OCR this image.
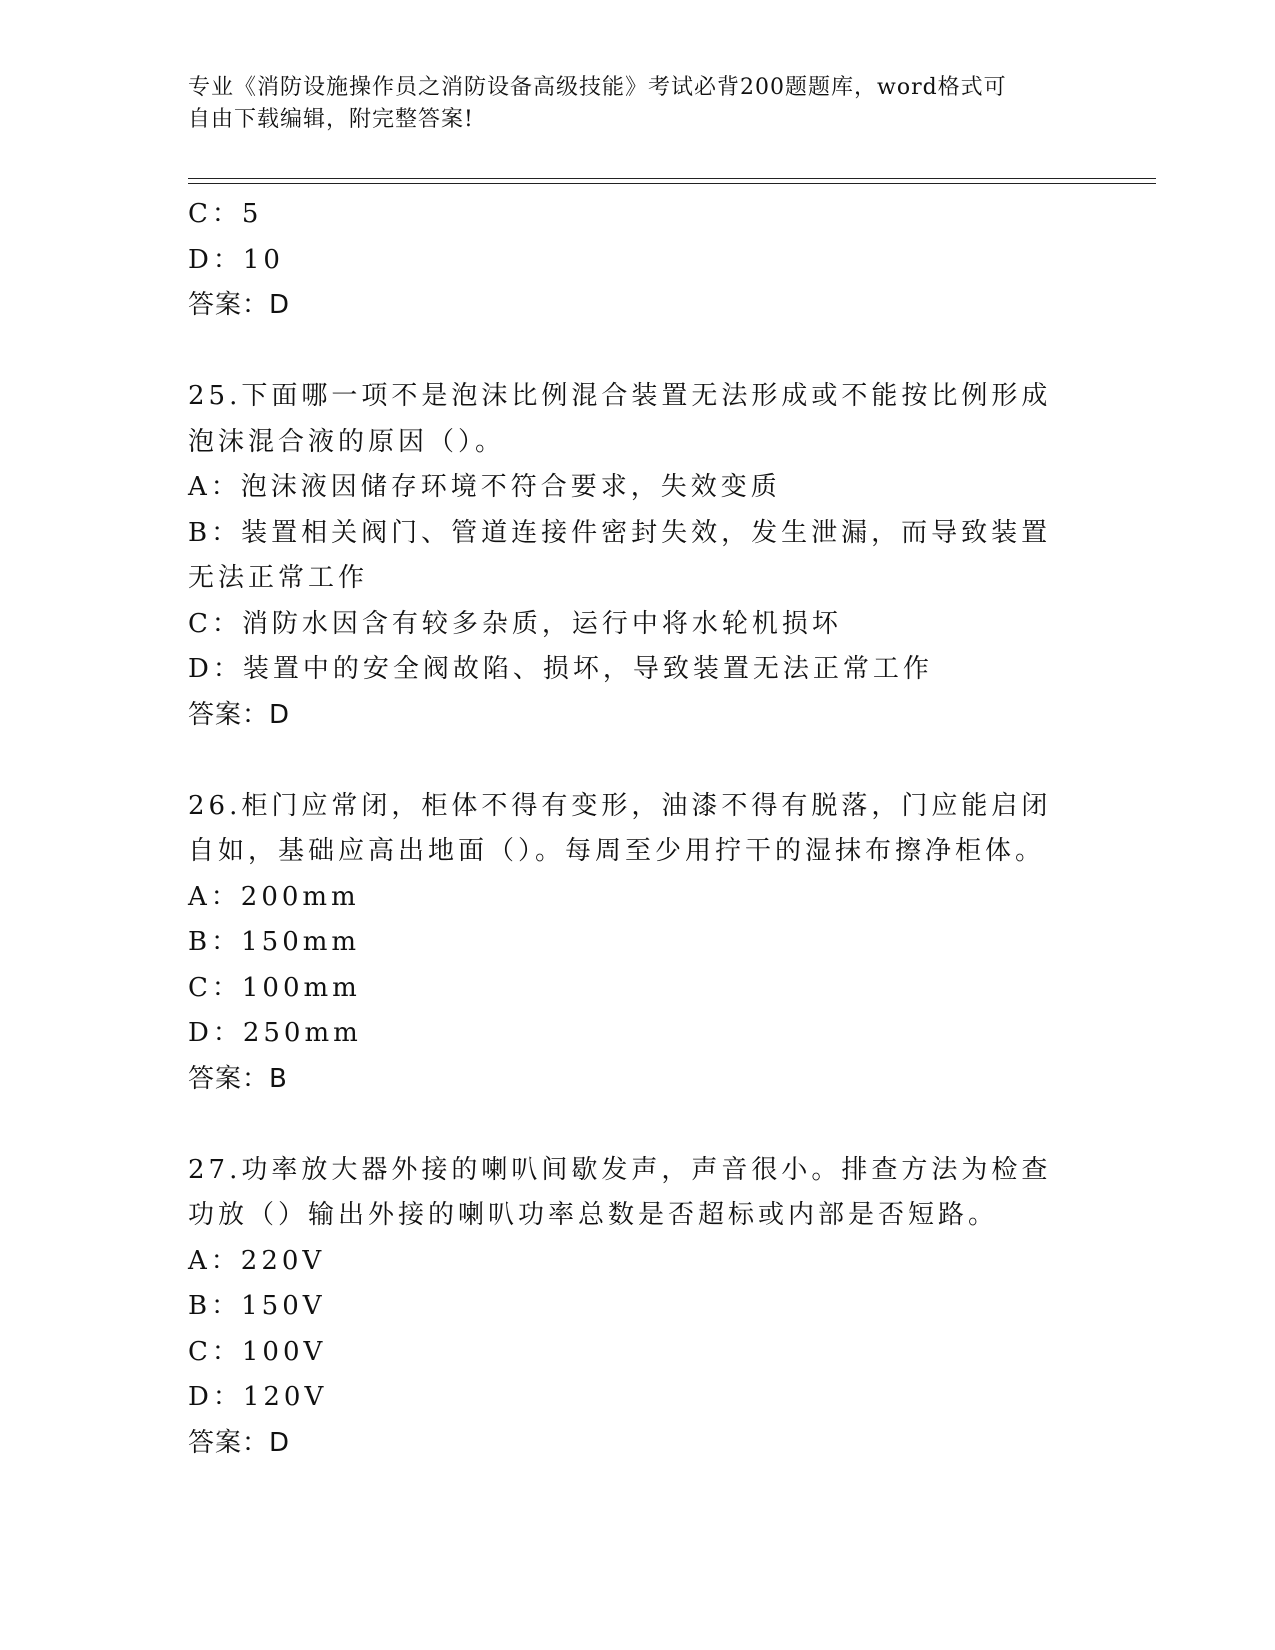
专业《消防设施操作员之消防设备高级技能》考试必背200题题库，word格式可
自由下载编辑，附完整答案!
C：5
D：10
答案：D
25.下面哪一项不是泡沫比例混合装置无法形成或不能按比例形成泡沫混合液的原因（）。
A：泡沫液因储存环境不符合要求，失效变质
B：装置相关阀门、管道连接件密封失效，发生泄漏，而导致装置无法正常工作
C：消防水因含有较多杂质，运行中将水轮机损坏
D：装置中的安全阀故陷、损坏，导致装置无法正常工作
答案：D
26.柜门应常闭，柜体不得有变形，油漆不得有脱落，门应能启闭自如，基础应高出地面（）。每周至少用拧干的湿抹布擦净柜体。
A：200mm
B：150mm
C：100mm
D：250mm
答案：B
27.功率放大器外接的喇叭间歇发声，声音很小。排查方法为检查功放（）输出外接的喇叭功率总数是否超标或内部是否短路。
A：220V
B：150V
C：100V
D：120V
答案：D
